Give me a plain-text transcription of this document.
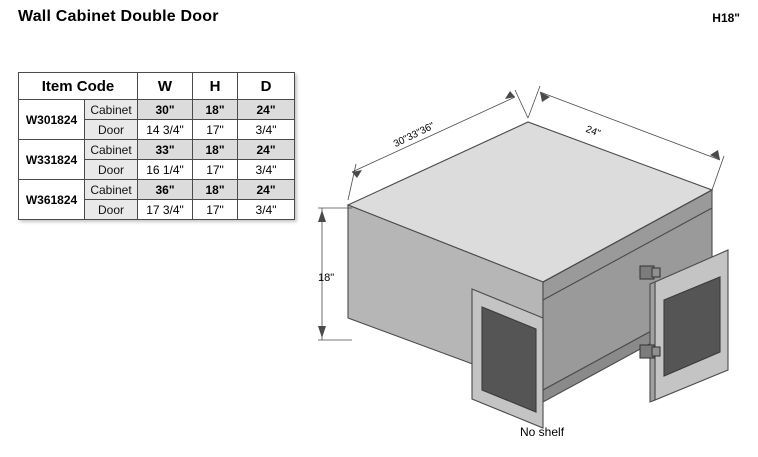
Wall Cabinet Double Door	H18"
Item Code		W	H	D
W301824	Cabinet	30"	18"	24"
	Door	14 3/4"	17"	3/4"
W331824	Cabinet	33"	18"	24"
	Door	16 1/4"	17"	3/4"
W361824	Cabinet	36"	18"	24"
	Door	17 3/4"	17"	3/4"
30"33"36"	24"
18"
No shelf
